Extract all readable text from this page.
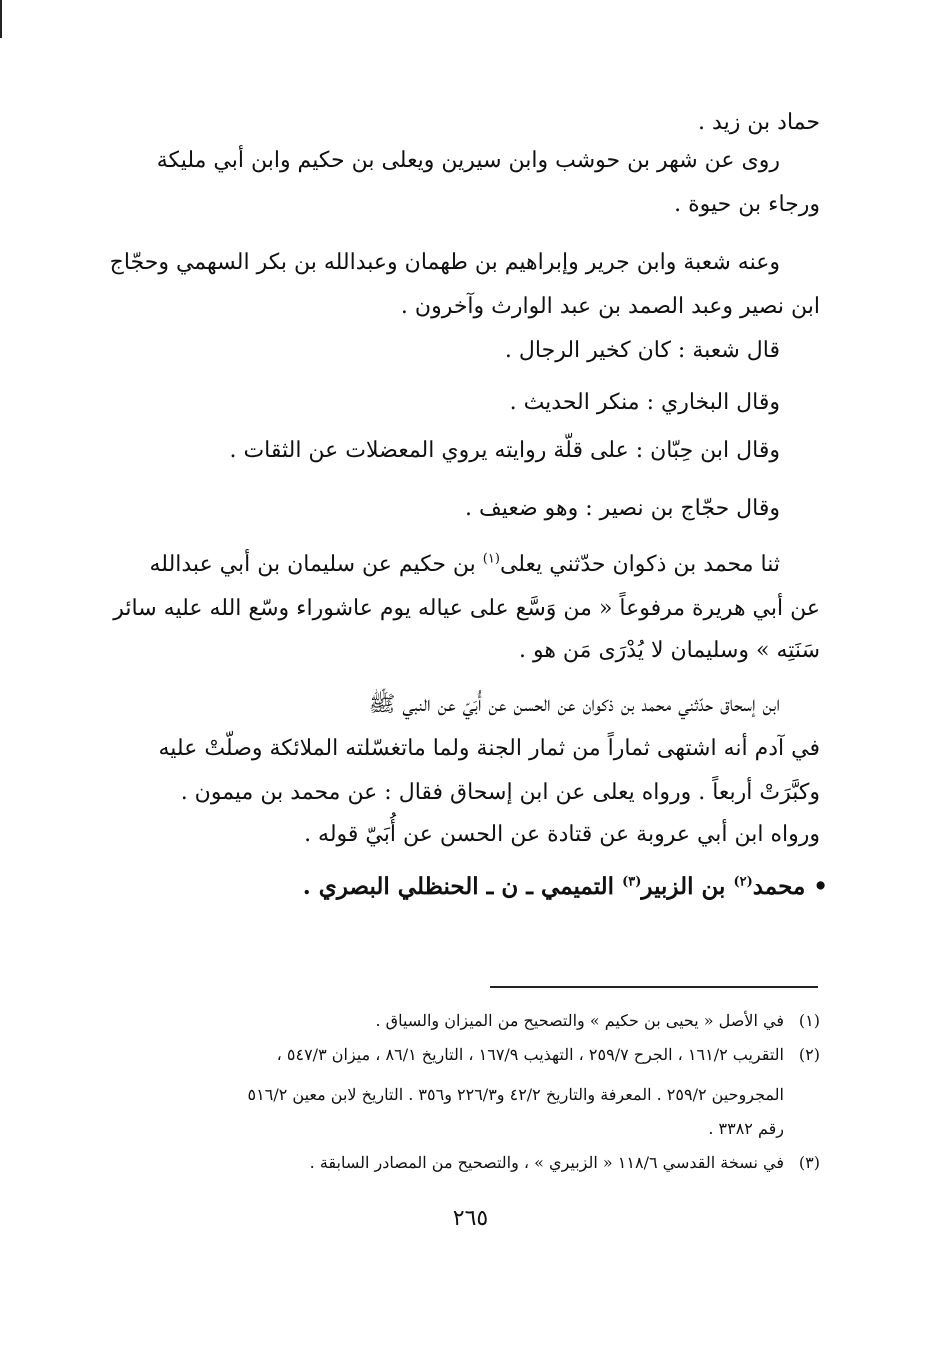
حماد بن زيد .

روى عن شهر بن حوشب وابن سيرين ويعلى بن حكيم وابن أبي مليكة

ورجاء بن حيوة .

وعنه شعبة وابن جرير وإبراهيم بن طهمان وعبدالله بن بكر السهمي وحجّاج

ابن نصير وعبد الصمد بن عبد الوارث وآخرون .

قال شعبة : كان كخير الرجال .

وقال البخاري : منكر الحديث .

وقال ابن حِبّان : على قلّة روايته يروي المعضلات عن الثقات .

وقال حجّاج بن نصير : وهو ضعيف .

ثنا محمد بن ذكوان حدّثني يعلى$^{(١)}$ بن حكيم عن سليمان بن أبي عبدالله

عن أبي هريرة مرفوعاً « من وَسَّع على عياله يوم عاشوراء وسّع الله عليه سائر

سَنَتِه » وسليمان لا يُدْرَى مَن هو .

ابن إسحاق حدّثني محمد بن ذكوان عن الحسن عن أُبَيّ عن النبي ﷺ

في آدم أنه اشتهى ثماراً من ثمار الجنة ولما ماتغسّلته الملائكة وصلّتْ عليه

وكبَّرَتْ أربعاً . ورواه يعلى عن ابن إسحاق فقال : عن محمد بن ميمون .

ورواه ابن أبي عروبة عن قتادة عن الحسن عن أُبَيّ قوله .

• محمد$^{(٢)}$ بن الزبير$^{(٣)}$ التميمي ـ ن ـ الحنظلي البصري .

(١)في الأصل « يحيى بن حكيم » والتصحيح من الميزان والسياق .

(٢)التقريب ١٦١/٢ ، الجرح ٢٥٩/٧ ، التهذيب ١٦٧/٩ ، التاريخ ٨٦/١ ، ميزان ٥٤٧/٣ ،

المجروحين ٢٥٩/٢ . المعرفة والتاريخ ٤٢/٢ و٢٢٦/٣ و٣٥٦ . التاريخ لابن معين ٥١٦/٢

رقم ٣٣٨٢ .

(٣)في نسخة القدسي ١١٨/٦ « الزبيري » ، والتصحيح من المصادر السابقة .

٢٦٥
